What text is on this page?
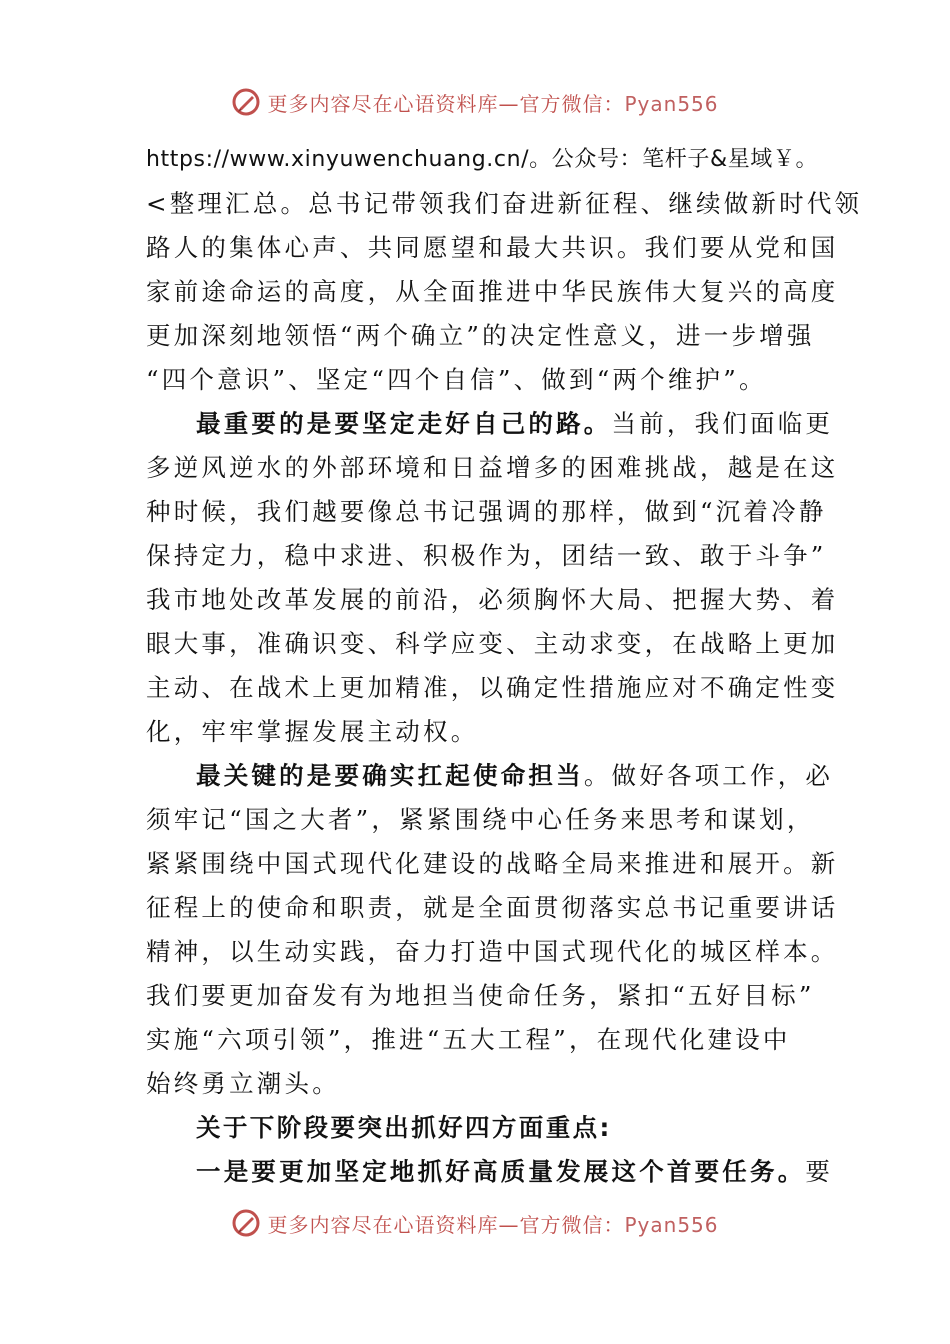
更多内容尽在心语资料库—官方微信：Pyan556
https://www.xinyuwenchuang.cn/。公众号：笔杆子&星域￥。
<整理汇总。总书记带领我们奋进新征程、继续做新时代领
路人的集体心声、共同愿望和最大共识。我们要从党和国
家前途命运的高度，从全面推进中华民族伟大复兴的高度
更加深刻地领悟“两个确立”的决定性意义，进一步增强
“四个意识”、坚定“四个自信”、做到“两个维护”。
最重要的是要坚定走好自己的路。当前，我们面临更
多逆风逆水的外部环境和日益增多的困难挑战，越是在这
种时候，我们越要像总书记强调的那样，做到“沉着冷静
保持定力，稳中求进、积极作为，团结一致、敢于斗争”
我市地处改革发展的前沿，必须胸怀大局、把握大势、着
眼大事，准确识变、科学应变、主动求变，在战略上更加
主动、在战术上更加精准，以确定性措施应对不确定性变
化，牢牢掌握发展主动权。
最关键的是要确实扛起使命担当。做好各项工作，必
须牢记“国之大者”，紧紧围绕中心任务来思考和谋划，
紧紧围绕中国式现代化建设的战略全局来推进和展开。新
征程上的使命和职责，就是全面贯彻落实总书记重要讲话
精神，以生动实践，奋力打造中国式现代化的城区样本。
我们要更加奋发有为地担当使命任务，紧扣“五好目标”
实施“六项引领”，推进“五大工程”，在现代化建设中
始终勇立潮头。
关于下阶段要突出抓好四方面重点:
一是要更加坚定地抓好高质量发展这个首要任务。要
更多内容尽在心语资料库—官方微信：Pyan556
